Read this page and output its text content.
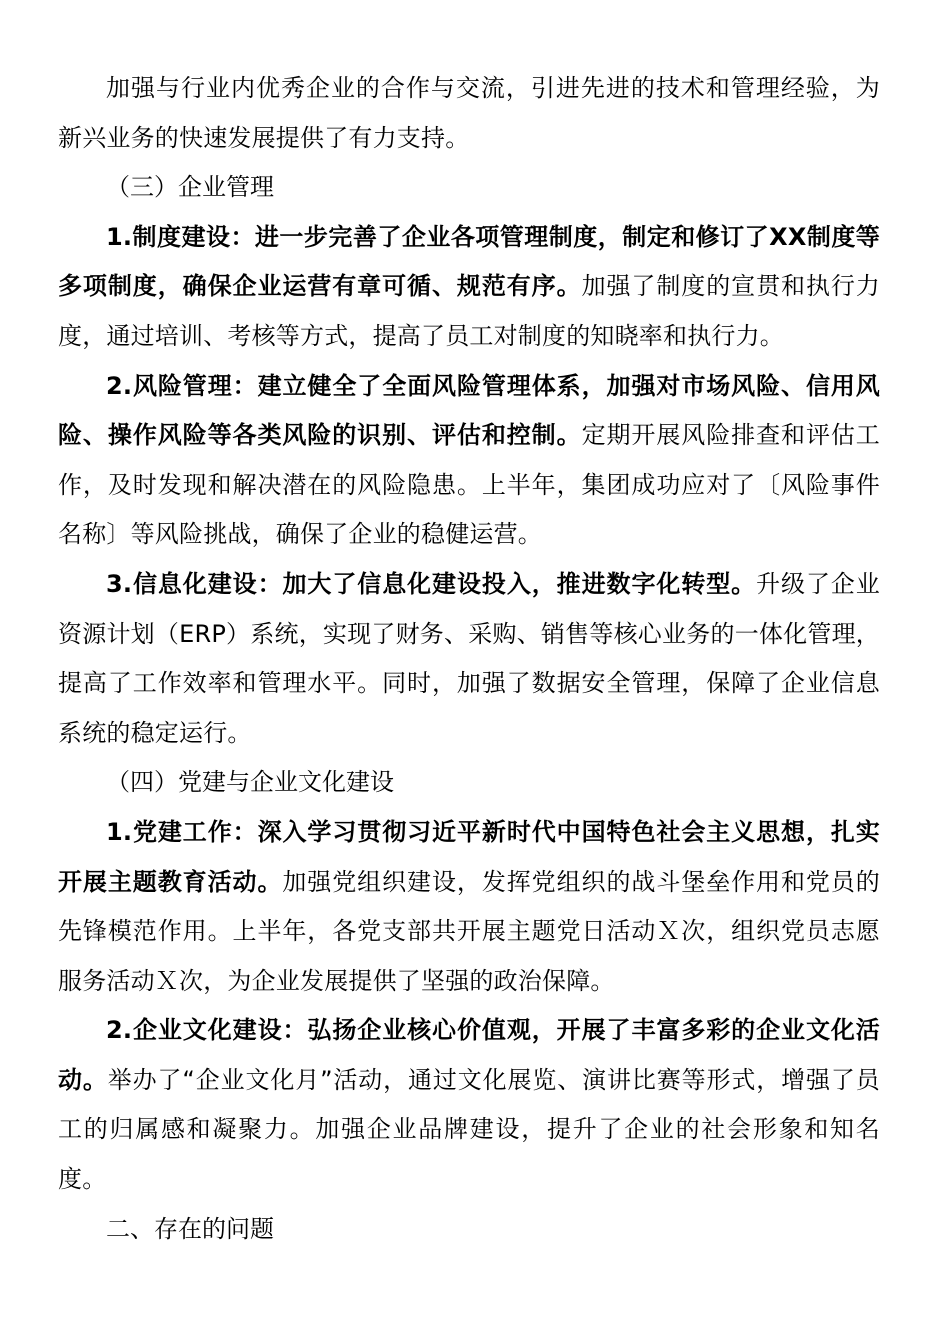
加强与行业内优秀企业的合作与交流，引进先进的技术和管理经验，为新兴业务的快速发展提供了有力支持。

（三）企业管理

1.制度建设：进一步完善了企业各项管理制度，制定和修订了XX制度等多项制度，确保企业运营有章可循、规范有序。加强了制度的宣贯和执行力度，通过培训、考核等方式，提高了员工对制度的知晓率和执行力。

2.风险管理：建立健全了全面风险管理体系，加强对市场风险、信用风险、操作风险等各类风险的识别、评估和控制。定期开展风险排查和评估工作，及时发现和解决潜在的风险隐患。上半年，集团成功应对了〔风险事件名称〕等风险挑战，确保了企业的稳健运营。

3.信息化建设：加大了信息化建设投入，推进数字化转型。升级了企业资源计划（ERP）系统，实现了财务、采购、销售等核心业务的一体化管理，提高了工作效率和管理水平。同时，加强了数据安全管理，保障了企业信息系统的稳定运行。

（四）党建与企业文化建设

1.党建工作：深入学习贯彻习近平新时代中国特色社会主义思想，扎实开展主题教育活动。加强党组织建设，发挥党组织的战斗堡垒作用和党员的先锋模范作用。上半年，各党支部共开展主题党日活动Ｘ次，组织党员志愿服务活动Ｘ次，为企业发展提供了坚强的政治保障。

2.企业文化建设：弘扬企业核心价值观，开展了丰富多彩的企业文化活动。举办了“企业文化月”活动，通过文化展览、演讲比赛等形式，增强了员工的归属感和凝聚力。加强企业品牌建设，提升了企业的社会形象和知名度。

二、存在的问题
